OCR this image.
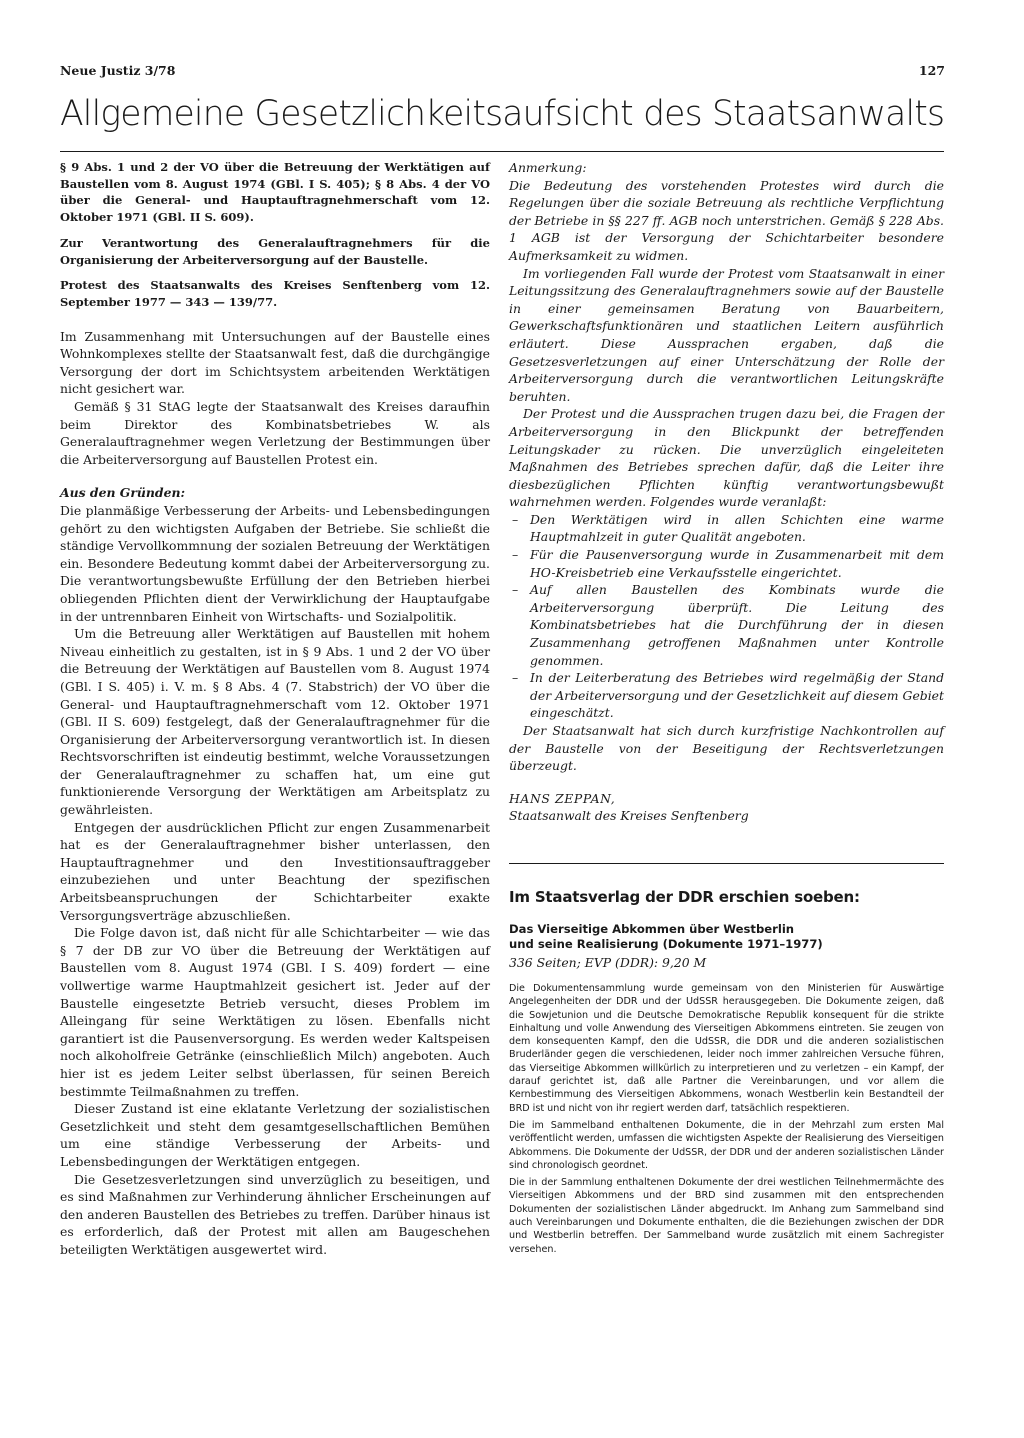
Neue Justiz 3/78	127
Allgemeine Gesetzlichkeitsaufsicht des Staatsanwalts

§ 9 Abs. 1 und 2 der VO über die Betreuung der Werktätigen auf Baustellen vom 8. August 1974 (GBl. I S. 405); § 8 Abs. 4 der VO über die General- und Hauptauftragnehmerschaft vom 12. Oktober 1971 (GBl. II S. 609).

Zur Verantwortung des Generalauftragnehmers für die Organisierung der Arbeiterversorgung auf der Baustelle.

Protest des Staatsanwalts des Kreises Senftenberg vom 12. September 1977 — 343 — 139/77.

Im Zusammenhang mit Untersuchungen auf der Baustelle eines Wohnkomplexes stellte der Staatsanwalt fest, daß die durchgängige Versorgung der dort im Schichtsystem arbeitenden Werktätigen nicht gesichert war.

Gemäß § 31 StAG legte der Staatsanwalt des Kreises daraufhin beim Direktor des Kombinatsbetriebes W. als Generalauftragnehmer wegen Verletzung der Bestimmungen über die Arbeiterversorgung auf Baustellen Protest ein.

Aus den Gründen:

Die planmäßige Verbesserung der Arbeits- und Lebensbedingungen gehört zu den wichtigsten Aufgaben der Betriebe. Sie schließt die ständige Vervollkommnung der sozialen Betreuung der Werktätigen ein. Besondere Bedeutung kommt dabei der Arbeiterversorgung zu. Die verantwortungsbewußte Erfüllung der den Betrieben hierbei obliegenden Pflichten dient der Verwirklichung der Hauptaufgabe in der untrennbaren Einheit von Wirtschafts- und Sozialpolitik.

Um die Betreuung aller Werktätigen auf Baustellen mit hohem Niveau einheitlich zu gestalten, ist in § 9 Abs. 1 und 2 der VO über die Betreuung der Werktätigen auf Baustellen vom 8. August 1974 (GBl. I S. 405) i. V. m. § 8 Abs. 4 (7. Stabstrich) der VO über die General- und Hauptauftragnehmerschaft vom 12. Oktober 1971 (GBl. II S. 609) festgelegt, daß der Generalauftragnehmer für die Organisierung der Arbeiterversorgung verantwortlich ist. In diesen Rechtsvorschriften ist eindeutig bestimmt, welche Voraussetzungen der Generalauftragnehmer zu schaffen hat, um eine gut funktionierende Versorgung der Werktätigen am Arbeitsplatz zu gewährleisten.

Entgegen der ausdrücklichen Pflicht zur engen Zusammenarbeit hat es der Generalauftragnehmer bisher unterlassen, den Hauptauftragnehmer und den Investitionsauftraggeber einzubeziehen und unter Beachtung der spezifischen Arbeitsbeanspruchungen der Schichtarbeiter exakte Versorgungsverträge abzuschließen.

Die Folge davon ist, daß nicht für alle Schichtarbeiter — wie das § 7 der DB zur VO über die Betreuung der Werktätigen auf Baustellen vom 8. August 1974 (GBl. I S. 409) fordert — eine vollwertige warme Hauptmahlzeit gesichert ist. Jeder auf der Baustelle eingesetzte Betrieb versucht, dieses Problem im Alleingang für seine Werktätigen zu lösen. Ebenfalls nicht garantiert ist die Pausenversorgung. Es werden weder Kaltspeisen noch alkoholfreie Getränke (einschließlich Milch) angeboten. Auch hier ist es jedem Leiter selbst überlassen, für seinen Bereich bestimmte Teilmaßnahmen zu treffen.

Dieser Zustand ist eine eklatante Verletzung der sozialistischen Gesetzlichkeit und steht dem gesamtgesellschaftlichen Bemühen um eine ständige Verbesserung der Arbeits- und Lebensbedingungen der Werktätigen entgegen.

Die Gesetzesverletzungen sind unverzüglich zu beseitigen, und es sind Maßnahmen zur Verhinderung ähnlicher Erscheinungen auf den anderen Baustellen des Betriebes zu treffen. Darüber hinaus ist es erforderlich, daß der Protest mit allen am Baugeschehen beteiligten Werktätigen ausgewertet wird.

Anmerkung:

Die Bedeutung des vorstehenden Protestes wird durch die Regelungen über die soziale Betreuung als rechtliche Verpflichtung der Betriebe in §§ 227 ff. AGB noch unterstrichen. Gemäß § 228 Abs. 1 AGB ist der Versorgung der Schichtarbeiter besondere Aufmerksamkeit zu widmen.

Im vorliegenden Fall wurde der Protest vom Staatsanwalt in einer Leitungssitzung des Generalauftragnehmers sowie auf der Baustelle in einer gemeinsamen Beratung von Bauarbeitern, Gewerkschaftsfunktionären und staatlichen Leitern ausführlich erläutert. Diese Aussprachen ergaben, daß die Gesetzesverletzungen auf einer Unterschätzung der Rolle der Arbeiterversorgung durch die verantwortlichen Leitungskräfte beruhten.

Der Protest und die Aussprachen trugen dazu bei, die Fragen der Arbeiterversorgung in den Blickpunkt der betreffenden Leitungskader zu rücken. Die unverzüglich eingeleiteten Maßnahmen des Betriebes sprechen dafür, daß die Leiter ihre diesbezüglichen Pflichten künftig verantwortungsbewußt wahrnehmen werden. Folgendes wurde veranlaßt:

– Den Werktätigen wird in allen Schichten eine warme Hauptmahlzeit in guter Qualität angeboten.
– Für die Pausenversorgung wurde in Zusammenarbeit mit dem HO-Kreisbetrieb eine Verkaufsstelle eingerichtet.
– Auf allen Baustellen des Kombinats wurde die Arbeiterversorgung überprüft. Die Leitung des Kombinatsbetriebes hat die Durchführung der in diesen Zusammenhang getroffenen Maßnahmen unter Kontrolle genommen.
– In der Leiterberatung des Betriebes wird regelmäßig der Stand der Arbeiterversorgung und der Gesetzlichkeit auf diesem Gebiet eingeschätzt.

Der Staatsanwalt hat sich durch kurzfristige Nachkontrollen auf der Baustelle von der Beseitigung der Rechtsverletzungen überzeugt.

HANS ZEPPAN,
Staatsanwalt des Kreises Senftenberg

Im Staatsverlag der DDR erschien soeben:

Das Vierseitige Abkommen über Westberlin
und seine Realisierung (Dokumente 1971–1977)

336 Seiten; EVP (DDR): 9,20 M

Die Dokumentensammlung wurde gemeinsam von den Ministerien für Auswärtige Angelegenheiten der DDR und der UdSSR herausgegeben. Die Dokumente zeigen, daß die Sowjetunion und die Deutsche Demokratische Republik konsequent für die strikte Einhaltung und volle Anwendung des Vierseitigen Abkommens eintreten. Sie zeugen von dem konsequenten Kampf, den die UdSSR, die DDR und die anderen sozialistischen Bruderländer gegen die verschiedenen, leider noch immer zahlreichen Versuche führen, das Vierseitige Abkommen willkürlich zu interpretieren und zu verletzen – ein Kampf, der darauf gerichtet ist, daß alle Partner die Vereinbarungen, und vor allem die Kernbestimmung des Vierseitigen Abkommens, wonach Westberlin kein Bestandteil der BRD ist und nicht von ihr regiert werden darf, tatsächlich respektieren.

Die im Sammelband enthaltenen Dokumente, die in der Mehrzahl zum ersten Mal veröffentlicht werden, umfassen die wichtigsten Aspekte der Realisierung des Vierseitigen Abkommens. Die Dokumente der UdSSR, der DDR und der anderen sozialistischen Länder sind chronologisch geordnet.

Die in der Sammlung enthaltenen Dokumente der drei westlichen Teilnehmermächte des Vierseitigen Abkommens und der BRD sind zusammen mit den entsprechenden Dokumenten der sozialistischen Länder abgedruckt. Im Anhang zum Sammelband sind auch Vereinbarungen und Dokumente enthalten, die die Beziehungen zwischen der DDR und Westberlin betreffen. Der Sammelband wurde zusätzlich mit einem Sachregister versehen.
